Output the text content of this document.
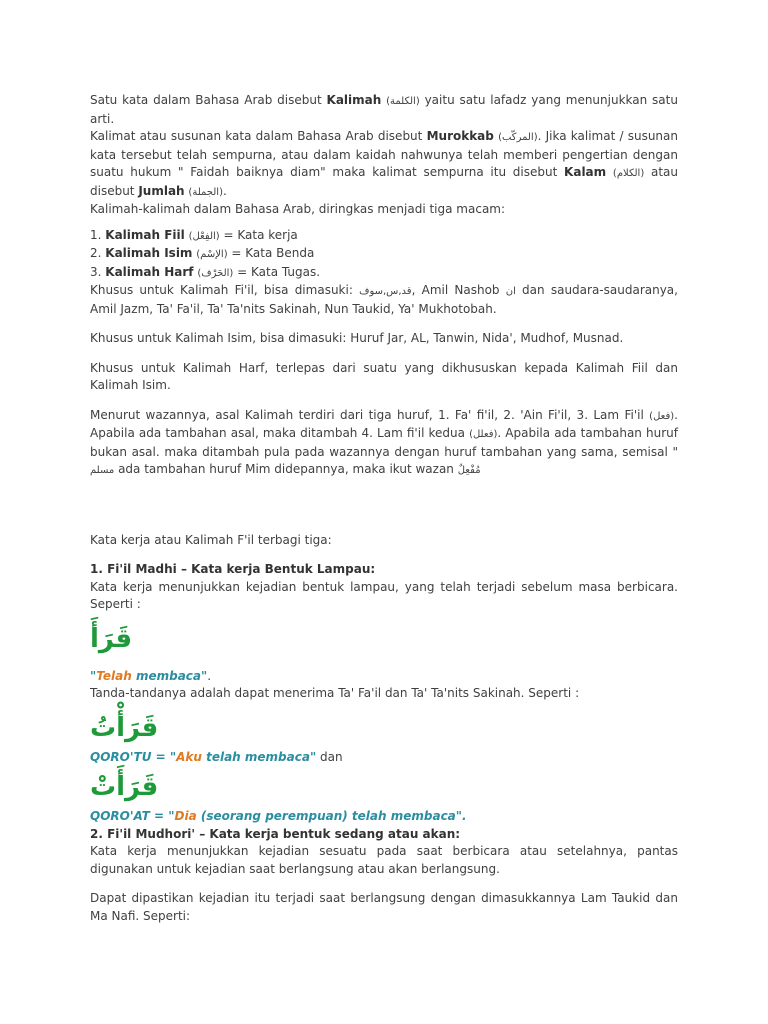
Satu kata dalam Bahasa Arab disebut Kalimah (الكلمة) yaitu satu lafadz yang menunjukkan satu arti.

Kalimat atau susunan kata dalam Bahasa Arab disebut Murokkab (المركّب). Jika kalimat / susunan kata tersebut telah sempurna, atau dalam kaidah nahwunya telah memberi pengertian dengan suatu hukum " Faidah baiknya diam" maka kalimat sempurna itu disebut Kalam (الكلام) atau disebut Jumlah (الجملة).

Kalimah-kalimah dalam Bahasa Arab, diringkas menjadi tiga macam:

1. Kalimah Fiil (الفِعْل) = Kata kerja

2. Kalimah Isim (الإسْم) = Kata Benda

3. Kalimah Harf (الحَرْف) = Kata Tugas.

Khusus untuk Kalimah Fi'il, bisa dimasuki: قد,س,سوف, Amil Nashob ان dan saudara-saudaranya, Amil Jazm, Ta' Fa'il, Ta' Ta'nits Sakinah, Nun Taukid, Ya' Mukhotobah.

Khusus untuk Kalimah Isim, bisa dimasuki: Huruf Jar, AL, Tanwin, Nida', Mudhof, Musnad.

Khusus untuk Kalimah Harf, terlepas dari suatu yang dikhususkan kepada Kalimah Fiil dan Kalimah Isim.

Menurut wazannya, asal Kalimah terdiri dari tiga huruf, 1. Fa' fi'il, 2. 'Ain Fi'il, 3. Lam Fi'il (فعل). Apabila ada tambahan asal, maka ditambah 4. Lam fi'il kedua (فعلل). Apabila ada tambahan huruf bukan asal. maka ditambah pula pada wazannya dengan huruf tambahan yang sama, semisal " مسلم ada tambahan huruf Mim didepannya, maka ikut wazan مُفْعِلٌ

Kata kerja atau Kalimah F'il terbagi tiga:

1. Fi'il Madhi – Kata kerja Bentuk Lampau:

Kata kerja menunjukkan kejadian bentuk lampau, yang telah terjadi sebelum masa berbicara. Seperti :

قَرَأَ

"Telah membaca".

Tanda-tandanya adalah dapat menerima Ta' Fa'il dan Ta' Ta'nits Sakinah. Seperti :

قَرَأْتُ

QORO'TU = "Aku telah membaca" dan

قَرَأَتْ

QORO'AT = "Dia (seorang perempuan) telah membaca".

2. Fi'il Mudhori' – Kata kerja bentuk sedang atau akan:

Kata kerja menunjukkan kejadian sesuatu pada saat berbicara atau setelahnya, pantas digunakan untuk kejadian saat berlangsung atau akan berlangsung.

Dapat dipastikan kejadian itu terjadi saat berlangsung dengan dimasukkannya Lam Taukid dan Ma Nafi. Seperti:
